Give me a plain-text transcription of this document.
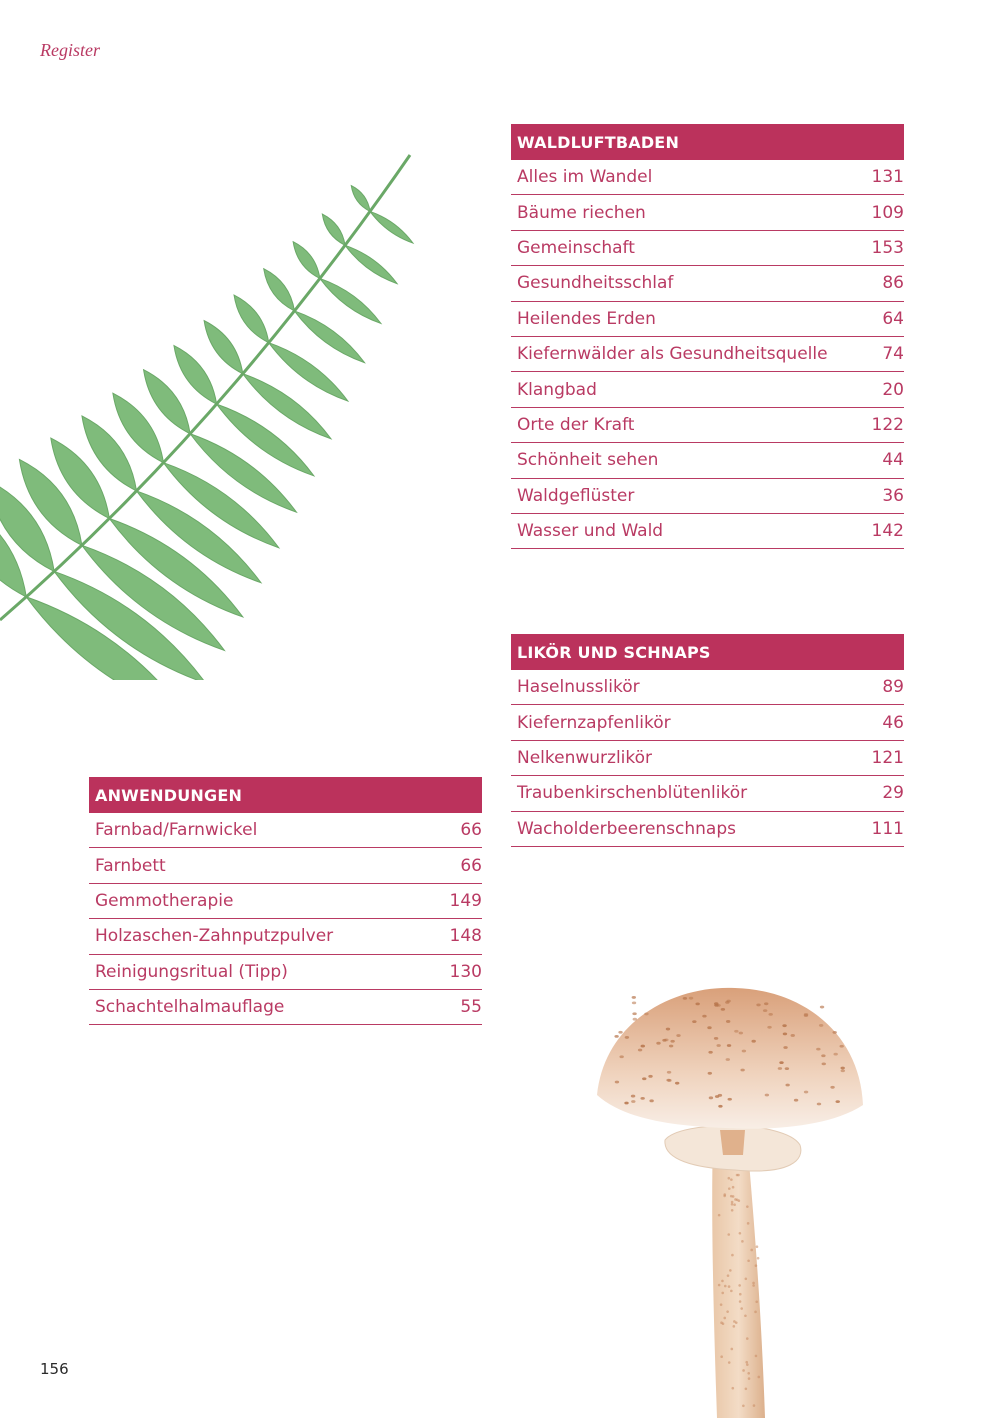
Register
WALDLUFTBADEN
Alles im Wandel	131
Bäume riechen	109
Gemeinschaft	153
Gesundheitsschlaf	86
Heilendes Erden	64
Kiefernwälder als Gesundheitsquelle	74
Klangbad	20
Orte der Kraft	122
Schönheit sehen	44
Waldgeflüster	36
Wasser und Wald	142
LIKÖR UND SCHNAPS
Haselnusslikör	89
Kiefernzapfenlikör	46
Nelkenwurzlikör	121
Traubenkirschenblütenlikör	29
Wacholderbeerenschnaps	111
ANWENDUNGEN
Farnbad/Farnwickel	66
Farnbett	66
Gemmotherapie	149
Holzaschen-Zahnputzpulver	148
Reinigungsritual (Tipp)	130
Schachtelhalmauflage	55
156
